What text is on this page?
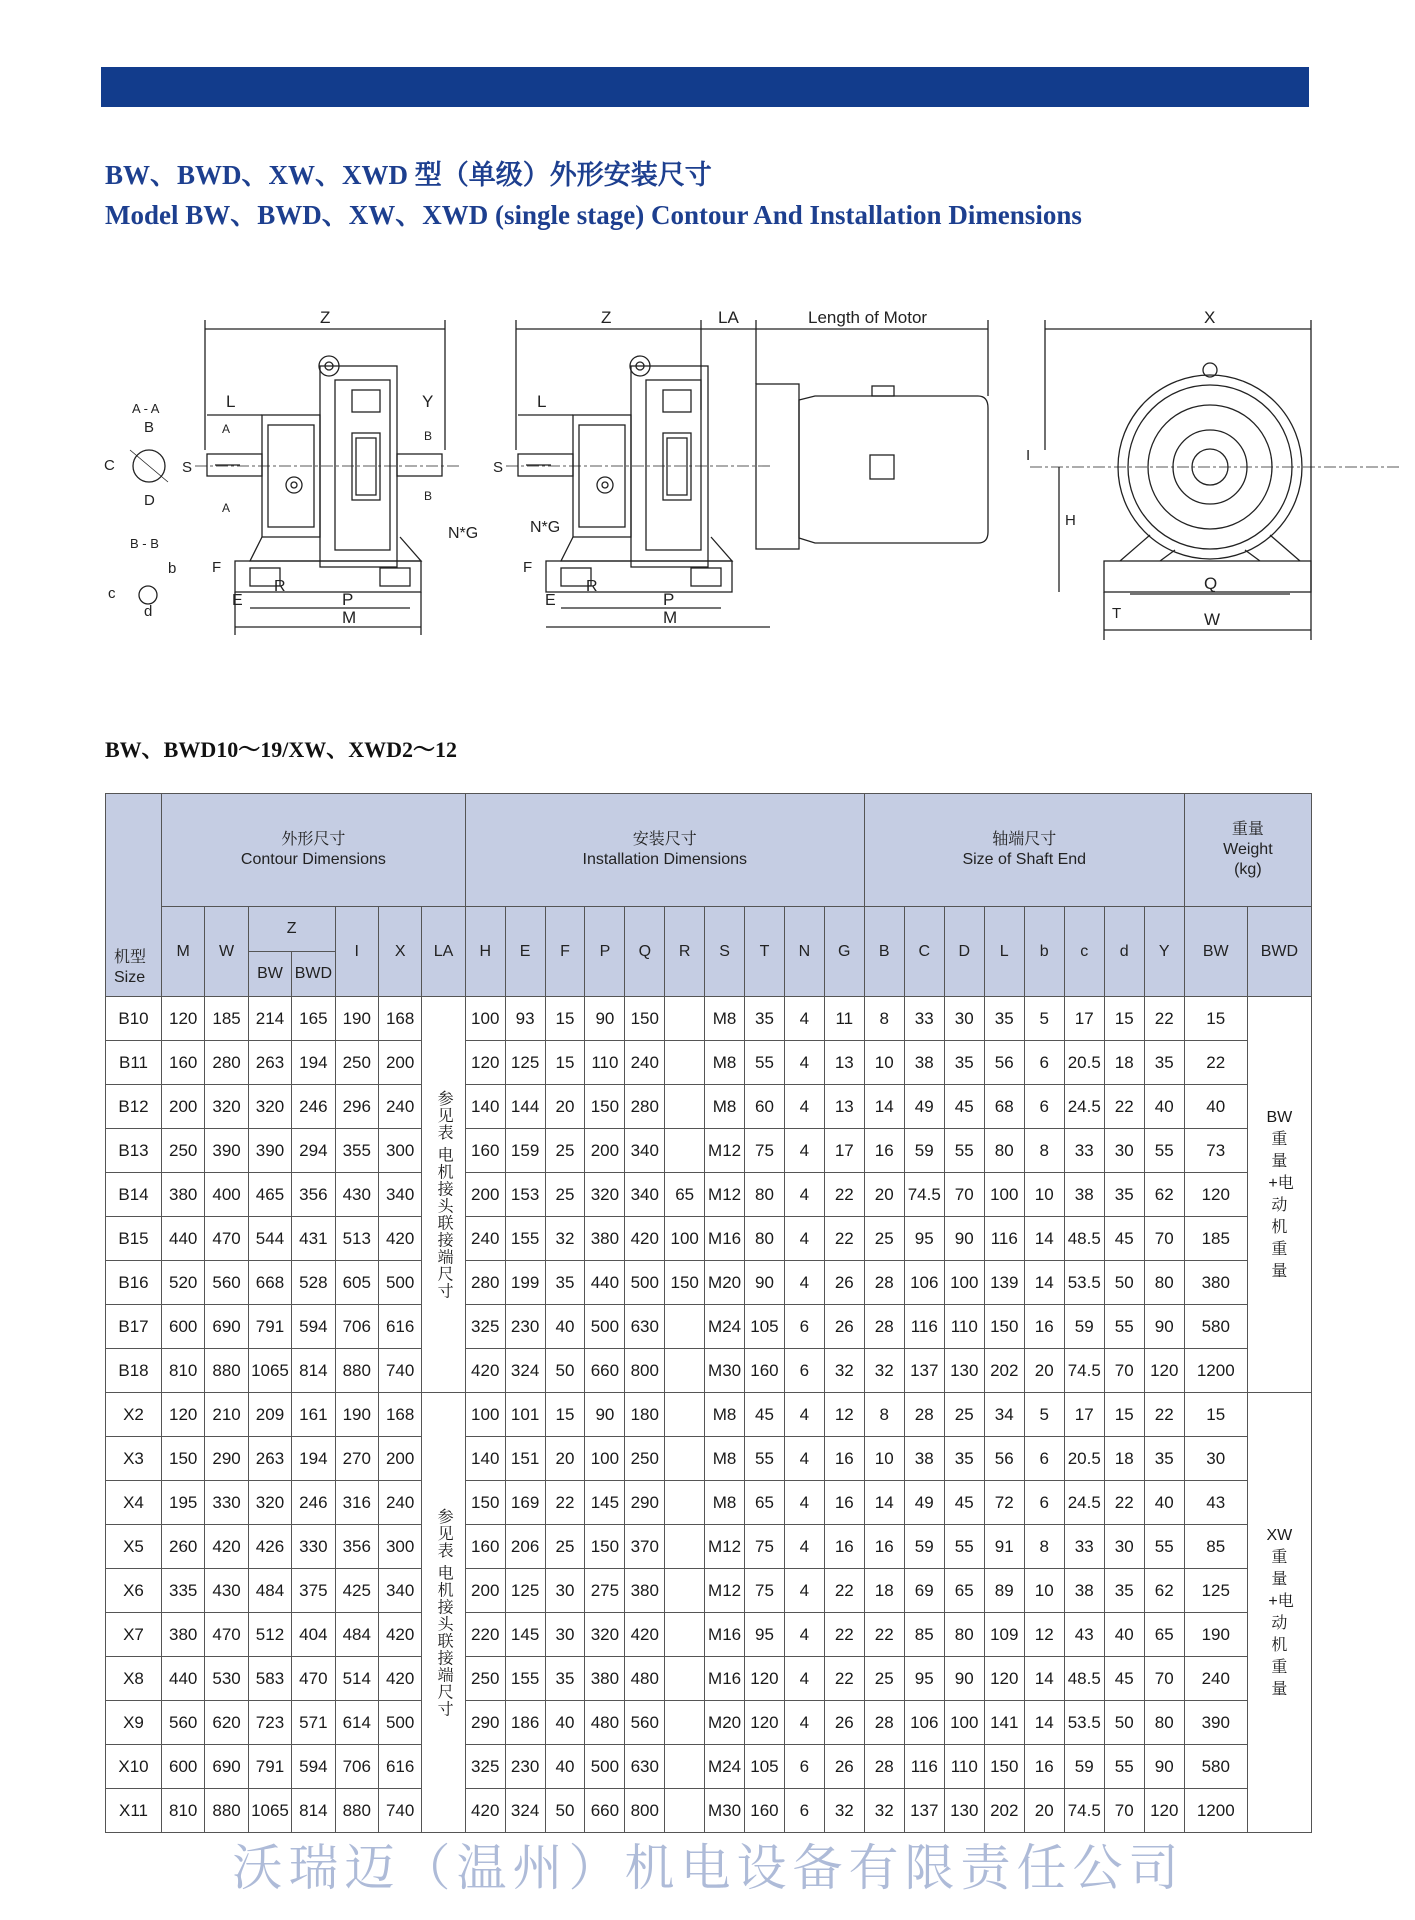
BW、BWD、XW、XWD 型（单级）外形安装尺寸
Model BW、BWD、XW、XWD (single stage) Contour And Installation Dimensions
Z
L	Y
A
A
B
B
S
N*G
F
E
R
P
M
A - A
B
C
D
B - B
b
c
d
Z	LA	Length of Motor
L
S
N*G
F
E
R
P
M
X
I
H
Q
T	W
BW、BWD10～19/XW、XWD2～12
机型
Size	外形尺寸
Contour Dimensions							安装尺寸
Installation Dimensions										轴端尺寸
Size of Shaft End								重量
Weight
(kg)	
	M	W	Z		I	X	LA	H	E	F	P	Q	R	S	T	N	G	B	C	D	L	b	c	d	Y	BW	BWD
			BW	BWD																							
B10	120	185	214	165	190	168	参见表 电机接头联接端尺寸	100	93	15	90	150		M8	35	4	11	8	33	30	35	5	17	15	22	15	BW
重量+电动机重量

B11	160	280	263	194	250	200		120	125	15	110	240		M8	55	4	13	10	38	35	56	6	20.5	18	35	22	
B12	200	320	320	246	296	240		140	144	20	150	280		M8	60	4	13	14	49	45	68	6	24.5	22	40	40	
B13	250	390	390	294	355	300		160	159	25	200	340		M12	75	4	17	16	59	55	80	8	33	30	55	73	
B14	380	400	465	356	430	340		200	153	25	320	340	65	M12	80	4	22	20	74.5	70	100	10	38	35	62	120	
B15	440	470	544	431	513	420		240	155	32	380	420	100	M16	80	4	22	25	95	90	116	14	48.5	45	70	185	
B16	520	560	668	528	605	500		280	199	35	440	500	150	M20	90	4	26	28	106	100	139	14	53.5	50	80	380	
B17	600	690	791	594	706	616		325	230	40	500	630		M24	105	6	26	28	116	110	150	16	59	55	90	580	
B18	810	880	1065	814	880	740		420	324	50	660	800		M30	160	6	32	32	137	130	202	20	74.5	70	120	1200	
X2	120	210	209	161	190	168	参见表 电机接头联接端尺寸	100	101	15	90	180		M8	45	4	12	8	28	25	34	5	17	15	22	15	XW
重量+电动机重量

X3	150	290	263	194	270	200		140	151	20	100	250		M8	55	4	16	10	38	35	56	6	20.5	18	35	30	
X4	195	330	320	246	316	240		150	169	22	145	290		M8	65	4	16	14	49	45	72	6	24.5	22	40	43	
X5	260	420	426	330	356	300		160	206	25	150	370		M12	75	4	16	16	59	55	91	8	33	30	55	85	
X6	335	430	484	375	425	340		200	125	30	275	380		M12	75	4	22	18	69	65	89	10	38	35	62	125	
X7	380	470	512	404	484	420		220	145	30	320	420		M16	95	4	22	22	85	80	109	12	43	40	65	190	
X8	440	530	583	470	514	420		250	155	35	380	480		M16	120	4	22	25	95	90	120	14	48.5	45	70	240	
X9	560	620	723	571	614	500		290	186	40	480	560		M20	120	4	26	28	106	100	141	14	53.5	50	80	390	
X10	600	690	791	594	706	616		325	230	40	500	630		M24	105	6	26	28	116	110	150	16	59	55	90	580	
X11	810	880	1065	814	880	740		420	324	50	660	800		M30	160	6	32	32	137	130	202	20	74.5	70	120	1200	
沃瑞迈（温州）机电设备有限责任公司
